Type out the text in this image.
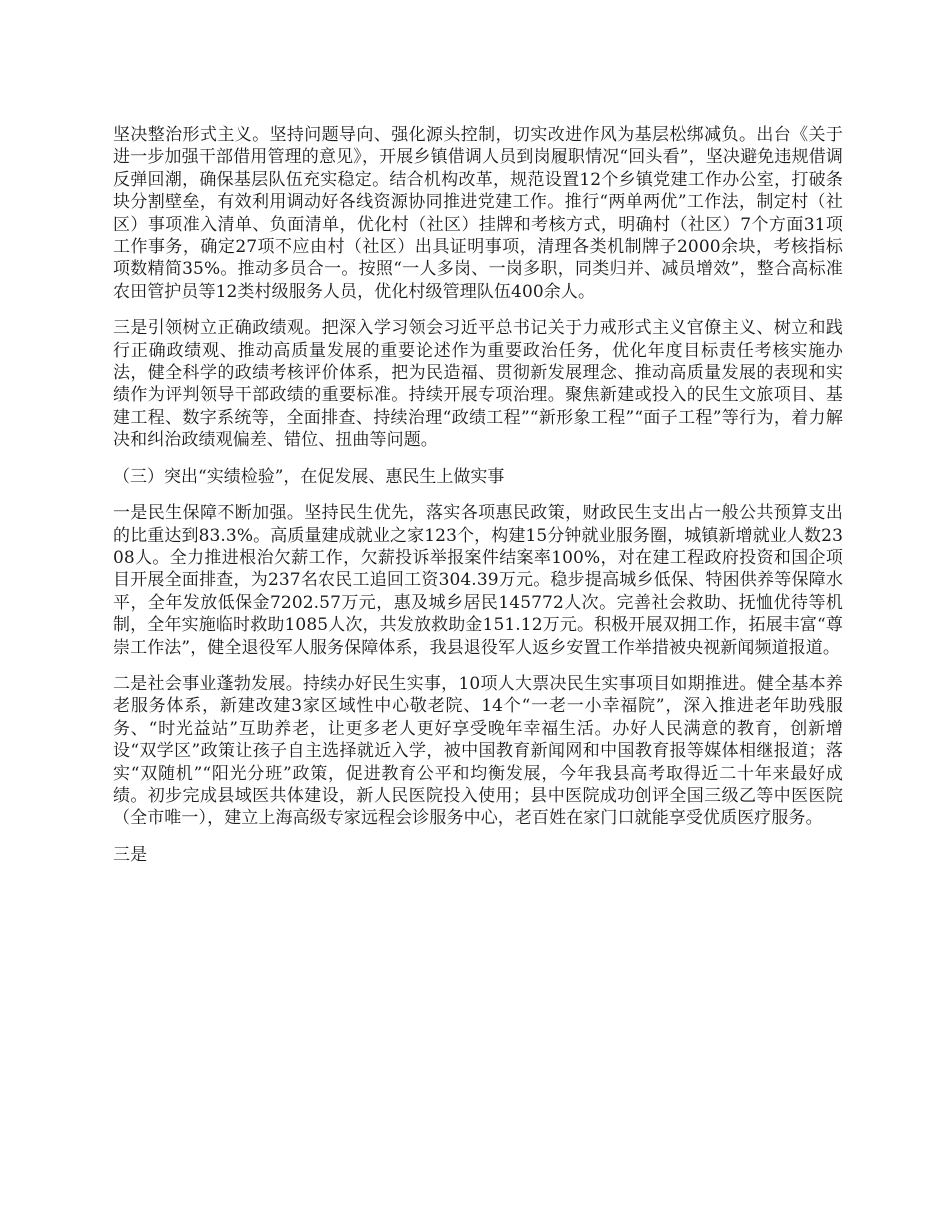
坚决整治形式主义。坚持问题导向、强化源头控制，切实改进作风为基层松绑减负。出台《关于进一步加强干部借用管理的意见》，开展乡镇借调人员到岗履职情况“回头看”，坚决避免违规借调反弹回潮，确保基层队伍充实稳定。结合机构改革，规范设置12个乡镇党建工作办公室，打破条块分割壁垒，有效利用调动好各线资源协同推进党建工作。推行“两单两优”工作法，制定村（社区）事项准入清单、负面清单，优化村（社区）挂牌和考核方式，明确村（社区）7个方面31项工作事务，确定27项不应由村（社区）出具证明事项，清理各类机制牌子2000余块，考核指标项数精简35%。推动多员合一。按照“一人多岗、一岗多职，同类归并、减员增效”，整合高标准农田管护员等12类村级服务人员，优化村级管理队伍400余人。

三是引领树立正确政绩观。把深入学习领会习近平总书记关于力戒形式主义官僚主义、树立和践行正确政绩观、推动高质量发展的重要论述作为重要政治任务，优化年度目标责任考核实施办法，健全科学的政绩考核评价体系，把为民造福、贯彻新发展理念、推动高质量发展的表现和实绩作为评判领导干部政绩的重要标准。持续开展专项治理。聚焦新建或投入的民生文旅项目、基建工程、数字系统等，全面排查、持续治理“政绩工程”“新形象工程”“面子工程”等行为，着力解决和纠治政绩观偏差、错位、扭曲等问题。

（三）突出“实绩检验”，在促发展、惠民生上做实事

一是民生保障不断加强。坚持民生优先，落实各项惠民政策，财政民生支出占一般公共预算支出的比重达到83.3%。高质量建成就业之家123个，构建15分钟就业服务圈，城镇新增就业人数2308人。全力推进根治欠薪工作，欠薪投诉举报案件结案率100%，对在建工程政府投资和国企项目开展全面排查，为237名农民工追回工资304.39万元。稳步提高城乡低保、特困供养等保障水平，全年发放低保金7202.57万元，惠及城乡居民145772人次。完善社会救助、抚恤优待等机制，全年实施临时救助1085人次，共发放救助金151.12万元。积极开展双拥工作，拓展丰富“尊崇工作法”，健全退役军人服务保障体系，我县退役军人返乡安置工作举措被央视新闻频道报道。

二是社会事业蓬勃发展。持续办好民生实事，10项人大票决民生实事项目如期推进。健全基本养老服务体系，新建改建3家区域性中心敬老院、14个“一老一小幸福院”，深入推进老年助残服务、“时光益站”互助养老，让更多老人更好享受晚年幸福生活。办好人民满意的教育，创新增设“双学区”政策让孩子自主选择就近入学，被中国教育新闻网和中国教育报等媒体相继报道；落实“双随机”“阳光分班”政策，促进教育公平和均衡发展，今年我县高考取得近二十年来最好成绩。初步完成县域医共体建设，新人民医院投入使用；县中医院成功创评全国三级乙等中医医院（全市唯一），建立上海高级专家远程会诊服务中心，老百姓在家门口就能享受优质医疗服务。

三是
